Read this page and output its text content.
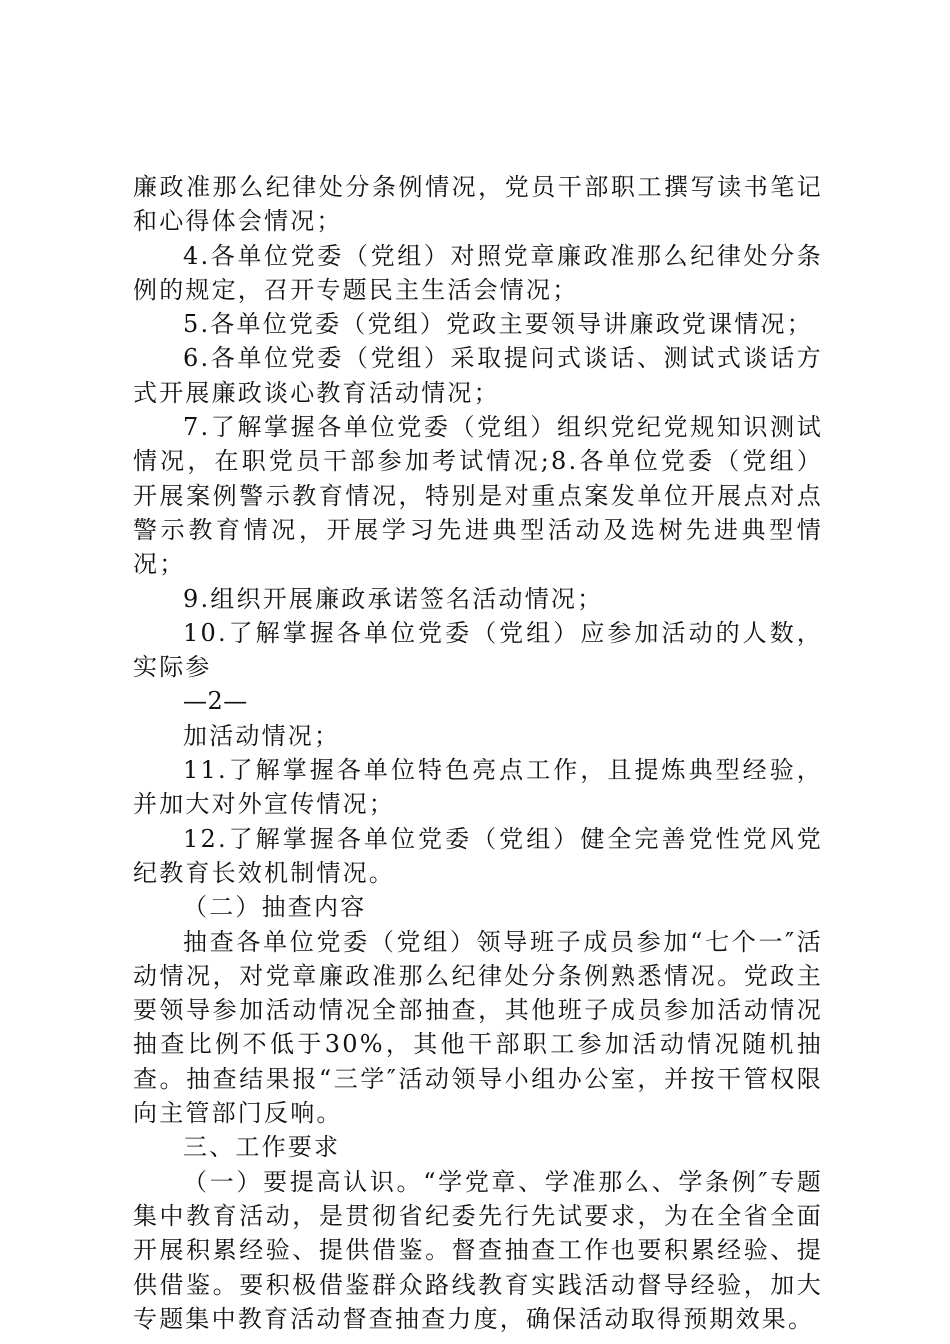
廉政准那么纪律处分条例情况，党员干部职工撰写读书笔记和心得体会情况；

4.各单位党委（党组）对照党章廉政准那么纪律处分条例的规定，召开专题民主生活会情况；

5.各单位党委（党组）党政主要领导讲廉政党课情况；

6.各单位党委（党组）采取提问式谈话、测试式谈话方式开展廉政谈心教育活动情况；

7.了解掌握各单位党委（党组）组织党纪党规知识测试情况，在职党员干部参加考试情况;8.各单位党委（党组）开展案例警示教育情况，特别是对重点案发单位开展点对点警示教育情况，开展学习先进典型活动及选树先进典型情况；

9.组织开展廉政承诺签名活动情况；

10.了解掌握各单位党委（党组）应参加活动的人数，实际参

—2—

加活动情况；

11.了解掌握各单位特色亮点工作，且提炼典型经验，并加大对外宣传情况；

12.了解掌握各单位党委（党组）健全完善党性党风党纪教育长效机制情况。

（二）抽查内容

抽查各单位党委（党组）领导班子成员参加“七个一″活动情况，对党章廉政准那么纪律处分条例熟悉情况。党政主要领导参加活动情况全部抽查，其他班子成员参加活动情况抽查比例不低于30%，其他干部职工参加活动情况随机抽查。抽查结果报“三学″活动领导小组办公室，并按干管权限向主管部门反响。

三、工作要求

（一）要提高认识。“学党章、学准那么、学条例″专题集中教育活动，是贯彻省纪委先行先试要求，为在全省全面开展积累经验、提供借鉴。督查抽查工作也要积累经验、提供借鉴。要积极借鉴群众路线教育实践活动督导经验，加大专题集中教育活动督查抽查力度，确保活动取得预期效果。
